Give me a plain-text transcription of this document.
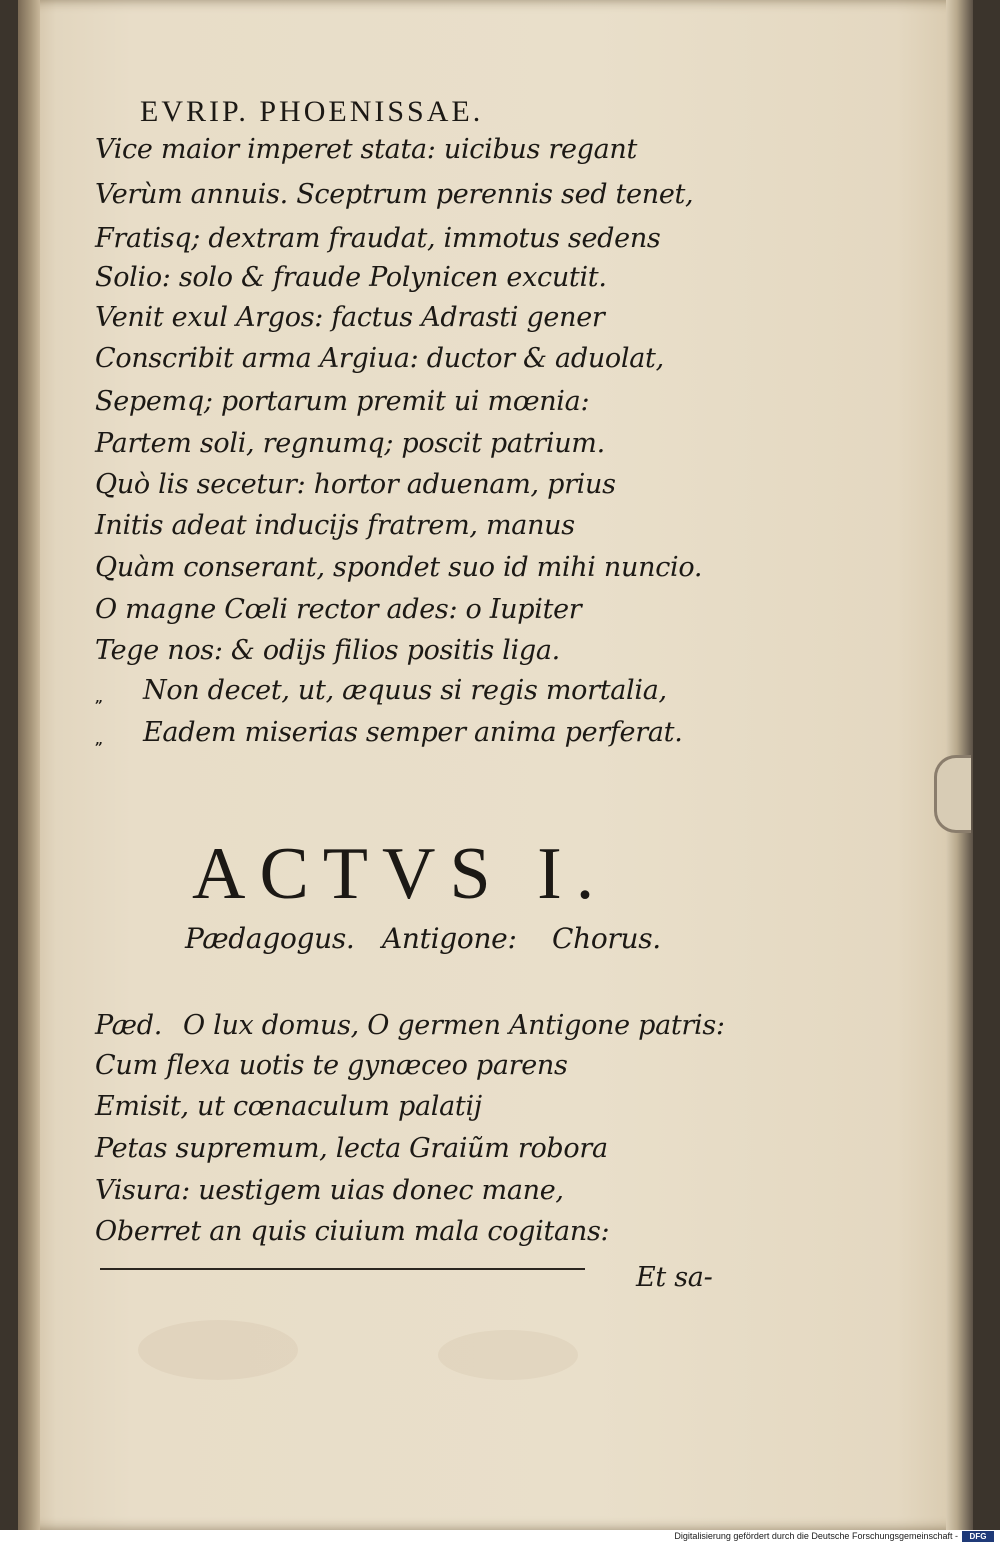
EVRIP. PHOENISSAE.
Vice maior imperet stata: uicibus regant
Verùm annuis. Sceptrum perennis sed tenet,
Fratisq; dextram fraudat, immotus sedens
Solio: solo & fraude Polynicen excutit.
Venit exul Argos: factus Adrasti gener
Conscribit arma Argiua: ductor & aduolat,
Sepemq; portarum premit ui mœnia:
Partem soli, regnumq; poscit patrium.
Quò lis secetur: hortor aduenam, prius
Initis adeat inducijs fratrem, manus
Quàm conserant, spondet suo id mihi nuncio.
O magne Cœli rector ades: o Iupiter
Tege nos: & odijs filios positis liga.
„ Non decet, ut, æquus si regis mortalia,
„ Eadem miserias semper anima perferat.
ACTVS I.
Pædagogus. Antigone: Chorus.
Pæd. O lux domus, O germen Antigone patris:
Cum flexa uotis te gynæceo parens
Emisit, ut cœnaculum palatij
Petas supremum, lecta Graiũm robora
Visura: uestigem uias donec mane,
Oberret an quis ciuium mala cogitans:
Et sa-
Digitalisierung gefördert durch die Deutsche Forschungsgemeinschaft -	DFG
